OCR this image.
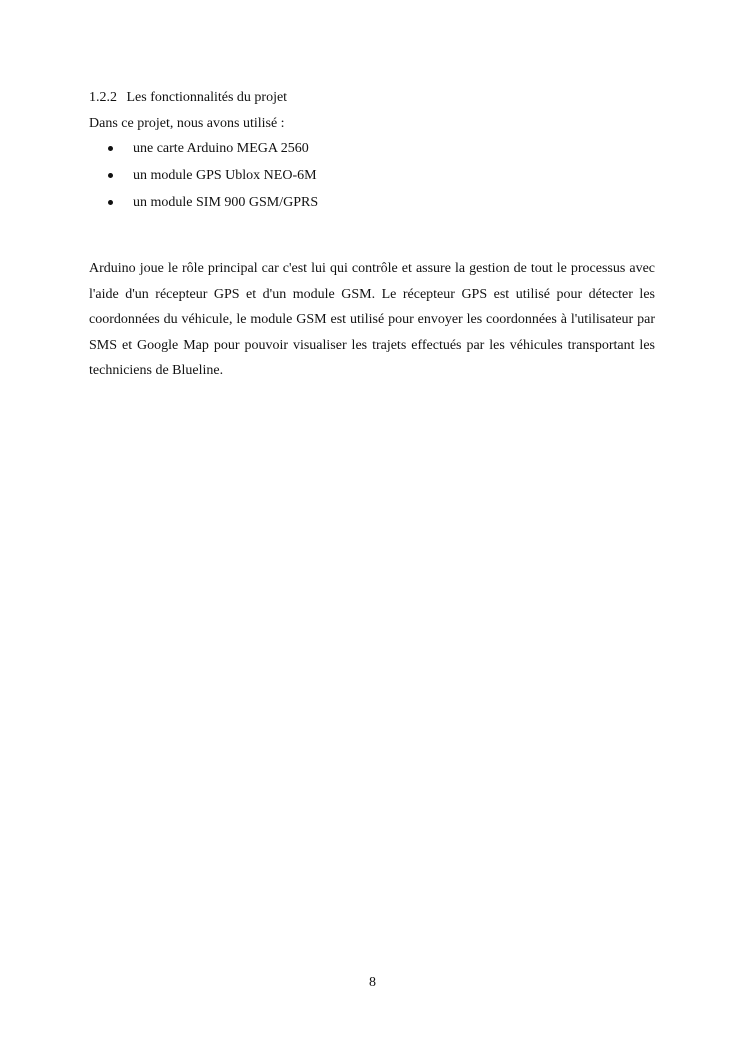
1.2.2 Les fonctionnalités du projet
Dans ce projet, nous avons utilisé :
une carte Arduino MEGA 2560
un module GPS Ublox NEO-6M
un module SIM 900 GSM/GPRS

Arduino joue le rôle principal car c'est lui qui contrôle et assure la gestion de tout le processus avec l'aide d'un récepteur GPS et d'un module GSM. Le récepteur GPS est utilisé pour détecter les coordonnées du véhicule, le module GSM est utilisé pour envoyer les coordonnées à l'utilisateur par SMS et Google Map pour pouvoir visualiser les trajets effectués par les véhicules transportant les techniciens de Blueline.

8
